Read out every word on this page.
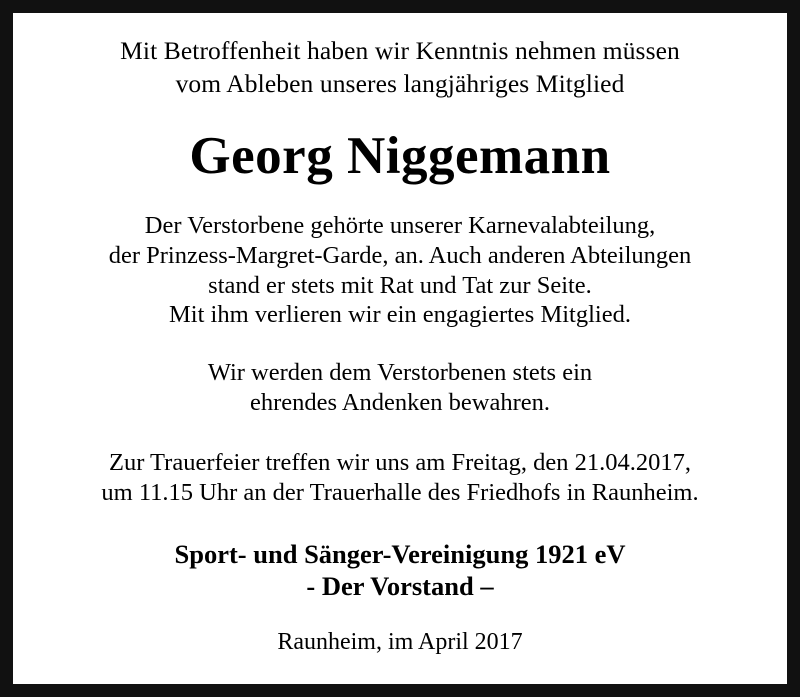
Mit Betroffenheit haben wir Kenntnis nehmen müssen
vom Ableben unseres langjähriges Mitglied
Georg Niggemann
Der Verstorbene gehörte unserer Karnevalabteilung,
der Prinzess-Margret-Garde, an. Auch anderen Abteilungen
stand er stets mit Rat und Tat zur Seite.
Mit ihm verlieren wir ein engagiertes Mitglied.
Wir werden dem Verstorbenen stets ein
ehrendes Andenken bewahren.
Zur Trauerfeier treffen wir uns am Freitag, den 21.04.2017,
um 11.15 Uhr an der Trauerhalle des Friedhofs in Raunheim.
Sport- und Sänger-Vereinigung 1921 eV
- Der Vorstand –
Raunheim, im April 2017
